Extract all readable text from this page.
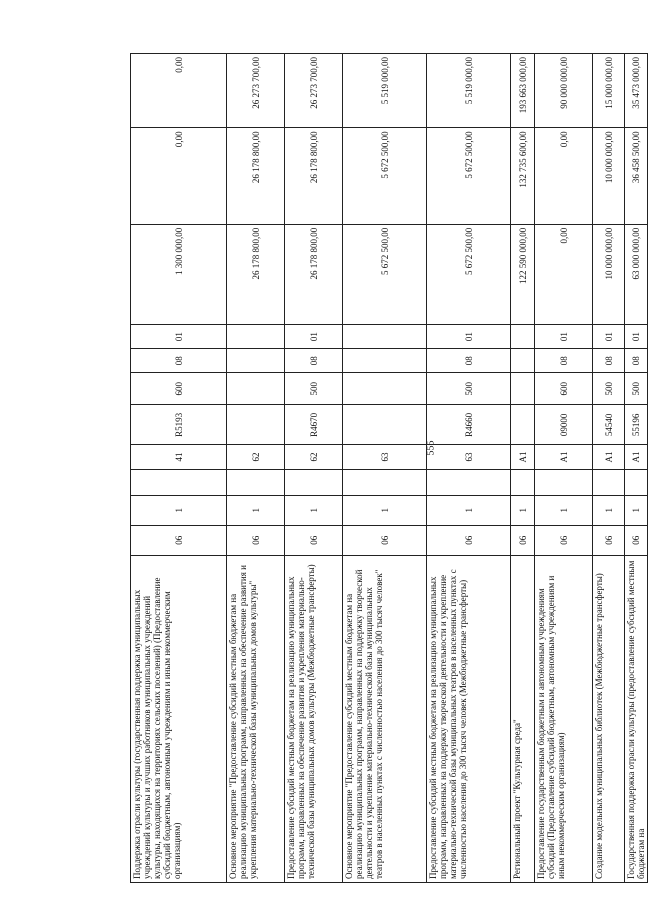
555
Поддержка отрасли культуры (государственная поддержка муниципальных учреждений культуры и лучших работников муниципальных учреждений культуры, находящихся на территориях сельских поселений) (Предоставление субсидий бюджетным, автономным учреждениям и иным некоммерческим организациям)	06	1		41	R5193	600	08	01	1 300 000,00	0,00	0,00
Основное мероприятие "Предоставление субсидий местным бюджетам на реализацию муниципальных программ, направленных на обеспечение развития и укрепления материально-технической базы муниципальных домов культуры"	06	1		62					26 178 800,00	26 178 800,00	26 273 700,00
Предоставление субсидий местным бюджетам на реализацию муниципальных программ, направленных на обеспечение развития и укрепления материально-технической базы муниципальных домов культуры (Межбюджетные трансферты)	06	1		62	R4670	500	08	01	26 178 800,00	26 178 800,00	26 273 700,00
Основное мероприятие "Предоставление субсидий местным бюджетам на реализацию муниципальных программ, направленных на поддержку творческой деятельности и укрепление материально-технической базы муниципальных театров в населенных пунктах с численностью населения до 300 тысяч человек"	06	1		63					5 672 500,00	5 672 500,00	5 519 000,00
Предоставление субсидий местным бюджетам на реализацию муниципальных программ, направленных на поддержку творческой деятельности и укрепление материально-технической базы муниципальных театров в населенных пунктах с численностью населения до 300 тысяч человек (Межбюджетные трансферты)	06	1		63	R4660	500	08	01	5 672 500,00	5 672 500,00	5 519 000,00
Региональный проект "Культурная среда"	06	1		A1					122 590 000,00	132 735 600,00	193 663 000,00
Предоставление государственным бюджетным и автономным учреждениям субсидий (Предоставление субсидий бюджетным, автономным учреждениям и иным некоммерческим организациям)	06	1		A1	09000	600	08	01	0,00	0,00	90 000 000,00
Создание модельных муниципальных библиотек (Межбюджетные трансферты)	06	1		A1	54540	500	08	01	10 000 000,00	10 000 000,00	15 000 000,00
Государственная поддержка отрасли культуры (предоставление субсидий местным бюджетам на	06	1		A1	55196	500	08	01	63 000 000,00	36 458 500,00	35 473 000,00
